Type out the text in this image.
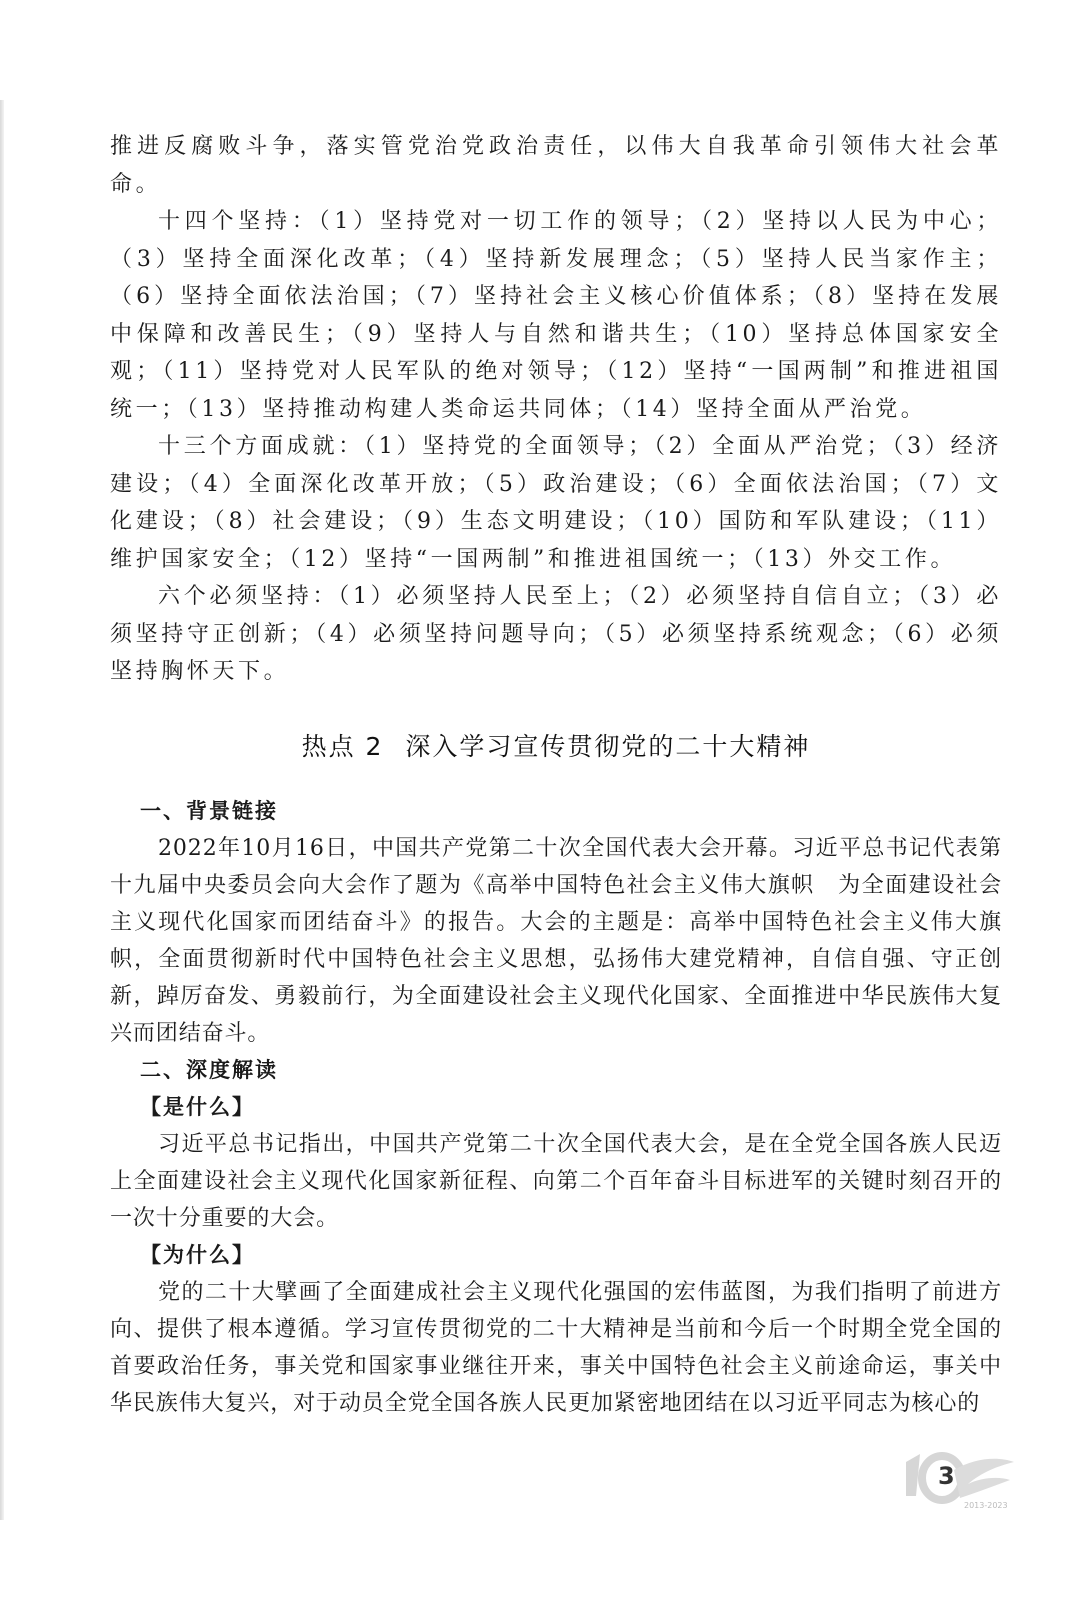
推进反腐败斗争，落实管党治党政治责任，以伟大自我革命引领伟大社会革命。

十四个坚持：（1）坚持党对一切工作的领导；（2）坚持以人民为中心；（3）坚持全面深化改革；（4）坚持新发展理念；（5）坚持人民当家作主；（6）坚持全面依法治国；（7）坚持社会主义核心价值体系；（8）坚持在发展中保障和改善民生；（9）坚持人与自然和谐共生；（10）坚持总体国家安全观；（11）坚持党对人民军队的绝对领导；（12）坚持“一国两制”和推进祖国统一；（13）坚持推动构建人类命运共同体；（14）坚持全面从严治党。

十三个方面成就：（1）坚持党的全面领导；（2）全面从严治党；（3）经济建设；（4）全面深化改革开放；（5）政治建设；（6）全面依法治国；（7）文化建设；（8）社会建设；（9）生态文明建设；（10）国防和军队建设；（11）维护国家安全；（12）坚持“一国两制”和推进祖国统一；（13）外交工作。

六个必须坚持：（1）必须坚持人民至上；（2）必须坚持自信自立；（3）必须坚持守正创新；（4）必须坚持问题导向；（5）必须坚持系统观念；（6）必须坚持胸怀天下。

热点 2 深入学习宣传贯彻党的二十大精神

一、背景链接

2022年10月16日，中国共产党第二十次全国代表大会开幕。习近平总书记代表第十九届中央委员会向大会作了题为《高举中国特色社会主义伟大旗帜　为全面建设社会主义现代化国家而团结奋斗》的报告。大会的主题是：高举中国特色社会主义伟大旗帜，全面贯彻新时代中国特色社会主义思想，弘扬伟大建党精神，自信自强、守正创新，踔厉奋发、勇毅前行，为全面建设社会主义现代化国家、全面推进中华民族伟大复兴而团结奋斗。

二、深度解读

【是什么】

习近平总书记指出，中国共产党第二十次全国代表大会，是在全党全国各族人民迈上全面建设社会主义现代化国家新征程、向第二个百年奋斗目标进军的关键时刻召开的一次十分重要的大会。

【为什么】

党的二十大擘画了全面建成社会主义现代化强国的宏伟蓝图，为我们指明了前进方向、提供了根本遵循。学习宣传贯彻党的二十大精神是当前和今后一个时期全党全国的首要政治任务，事关党和国家事业继往开来，事关中国特色社会主义前途命运，事关中华民族伟大复兴，对于动员全党全国各族人民更加紧密地团结在以习近平同志为核心的

2013-2023
3
